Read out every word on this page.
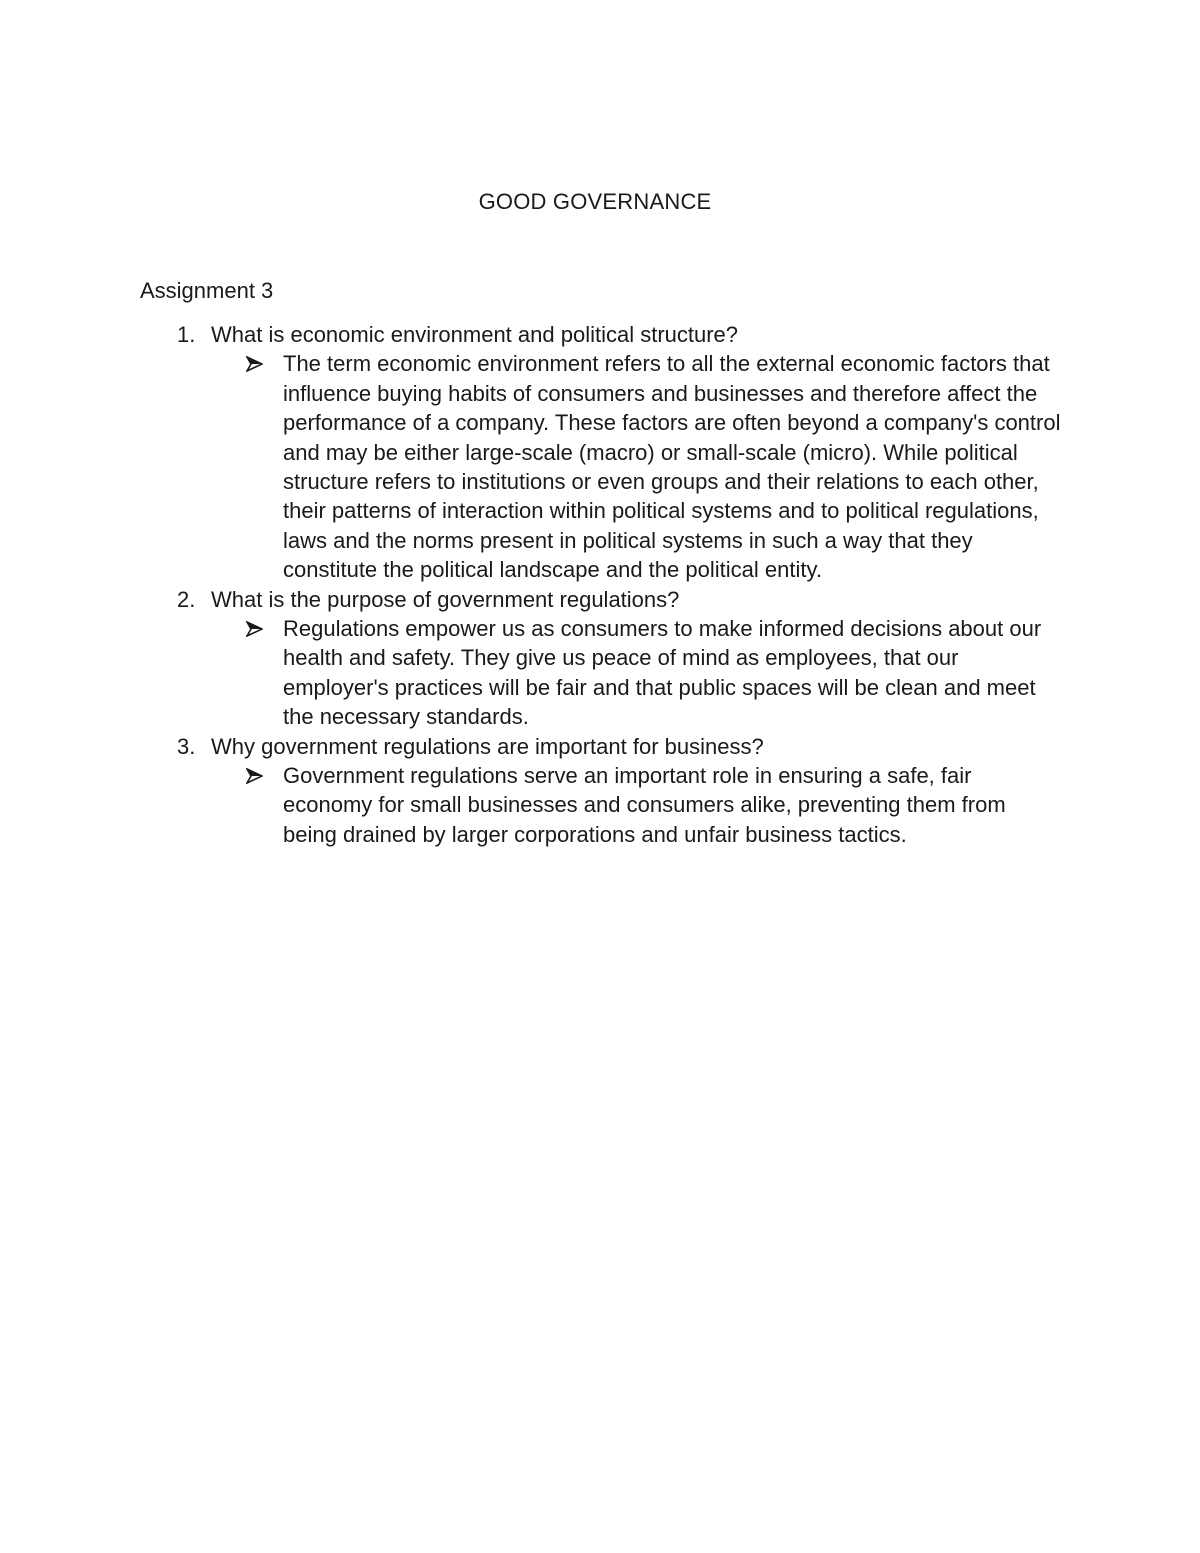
GOOD GOVERNANCE
Assignment 3
1. What is economic environment and political structure?
The term economic environment refers to all the external economic factors that influence buying habits of consumers and businesses and therefore affect the performance of a company. These factors are often beyond a company's control and may be either large-scale (macro) or small-scale (micro). While political structure refers to institutions or even groups and their relations to each other, their patterns of interaction within political systems and to political regulations, laws and the norms present in political systems in such a way that they constitute the political landscape and the political entity.
2. What is the purpose of government regulations?
Regulations empower us as consumers to make informed decisions about our health and safety. They give us peace of mind as employees, that our employer's practices will be fair and that public spaces will be clean and meet the necessary standards.
3. Why government regulations are important for business?
Government regulations serve an important role in ensuring a safe, fair economy for small businesses and consumers alike, preventing them from being drained by larger corporations and unfair business tactics.
